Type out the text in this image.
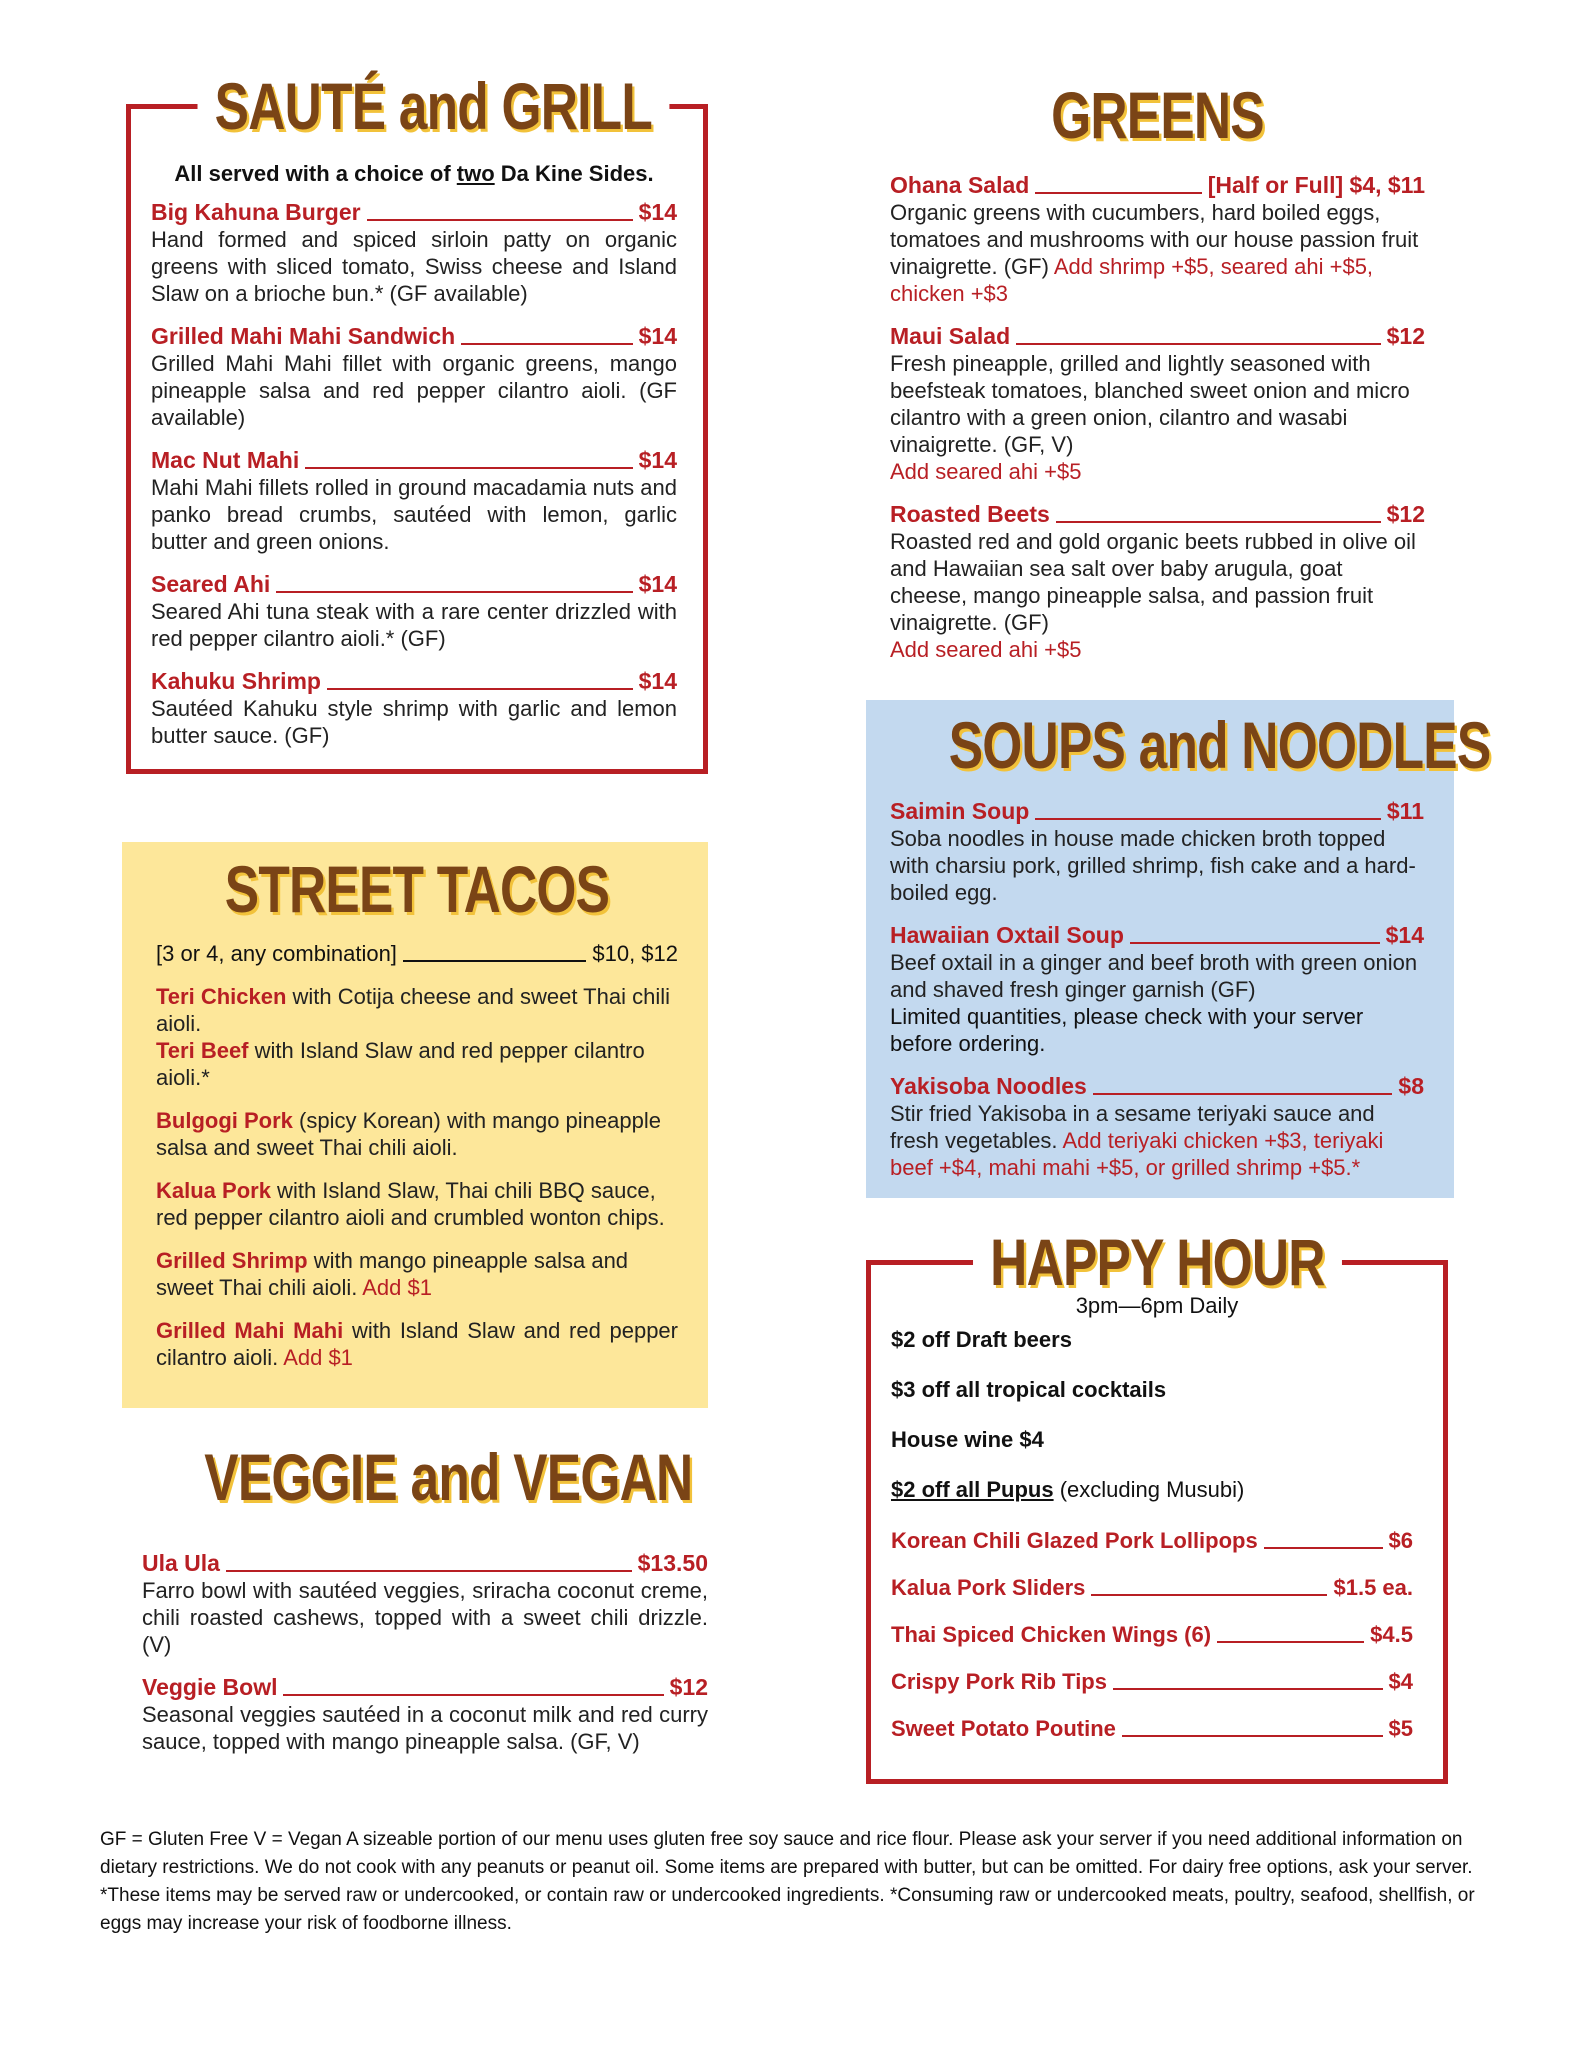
SAUTÉ and GRILL
All served with a choice of two Da Kine Sides.
Big Kahuna Burger	$14
Hand formed and spiced sirloin patty on organic greens with sliced tomato, Swiss cheese and Island Slaw on a brioche bun.* (GF available)
Grilled Mahi Mahi Sandwich	$14
Grilled Mahi Mahi fillet with organic greens, mango pineapple salsa and red pepper cilantro aioli. (GF available)
Mac Nut Mahi	$14
Mahi Mahi fillets rolled in ground macadamia nuts and panko bread crumbs, sautéed with lemon, garlic butter and green onions.
Seared Ahi	$14
Seared Ahi tuna steak with a rare center drizzled with red pepper cilantro aioli.* (GF)
Kahuku Shrimp	$14
Sautéed Kahuku style shrimp with garlic and lemon butter sauce. (GF)
STREET TACOS
[3 or 4, any combination]	$10, $12
Teri Chicken with Cotija cheese and sweet Thai chili aioli.
Teri Beef with Island Slaw and red pepper cilantro aioli.*
Bulgogi Pork (spicy Korean) with mango pineapple salsa and sweet Thai chili aioli.
Kalua Pork with Island Slaw, Thai chili BBQ sauce, red pepper cilantro aioli and crumbled wonton chips.
Grilled Shrimp with mango pineapple salsa and sweet Thai chili aioli. Add $1
Grilled Mahi Mahi with Island Slaw and red pepper cilantro aioli. Add $1
VEGGIE and VEGAN
Ula Ula	$13.50
Farro bowl with sautéed veggies, sriracha coconut creme, chili roasted cashews, topped with a sweet chili drizzle. (V)
Veggie Bowl	$12
Seasonal veggies sautéed in a coconut milk and red curry sauce, topped with mango pineapple salsa. (GF, V)
GREENS
Ohana Salad	[Half or Full] $4, $11
Organic greens with cucumbers, hard boiled eggs, tomatoes and mushrooms with our house passion fruit vinaigrette. (GF) Add shrimp +$5, seared ahi +$5, chicken +$3
Maui Salad	$12
Fresh pineapple, grilled and lightly seasoned with beefsteak tomatoes, blanched sweet onion and micro cilantro with a green onion, cilantro and wasabi vinaigrette. (GF, V)
Add seared ahi +$5
Roasted Beets	$12
Roasted red and gold organic beets rubbed in olive oil and Hawaiian sea salt over baby arugula, goat cheese, mango pineapple salsa, and passion fruit vinaigrette. (GF)
Add seared ahi +$5
SOUPS and NOODLES
Saimin Soup	$11
Soba noodles in house made chicken broth topped with charsiu pork, grilled shrimp, fish cake and a hard-boiled egg.
Hawaiian Oxtail Soup	$14
Beef oxtail in a ginger and beef broth with green onion and shaved fresh ginger garnish (GF)
Limited quantities, please check with your server before ordering.
Yakisoba Noodles	$8
Stir fried Yakisoba in a sesame teriyaki sauce and fresh vegetables. Add teriyaki chicken +$3, teriyaki beef +$4, mahi mahi +$5, or grilled shrimp +$5.*
HAPPY HOUR
3pm—6pm Daily
$2 off Draft beers
$3 off all tropical cocktails
House wine $4
$2 off all Pupus (excluding Musubi)
Korean Chili Glazed Pork Lollipops	$6
Kalua Pork Sliders	$1.5 ea.
Thai Spiced Chicken Wings (6)	$4.5
Crispy Pork Rib Tips	$4
Sweet Potato Poutine	$5
GF = Gluten Free V = Vegan A sizeable portion of our menu uses gluten free soy sauce and rice flour. Please ask your server if you need additional information on dietary restrictions. We do not cook with any peanuts or peanut oil. Some items are prepared with butter, but can be omitted. For dairy free options, ask your server. *These items may be served raw or undercooked, or contain raw or undercooked ingredients. *Consuming raw or undercooked meats, poultry, seafood, shellfish, or eggs may increase your risk of foodborne illness.
